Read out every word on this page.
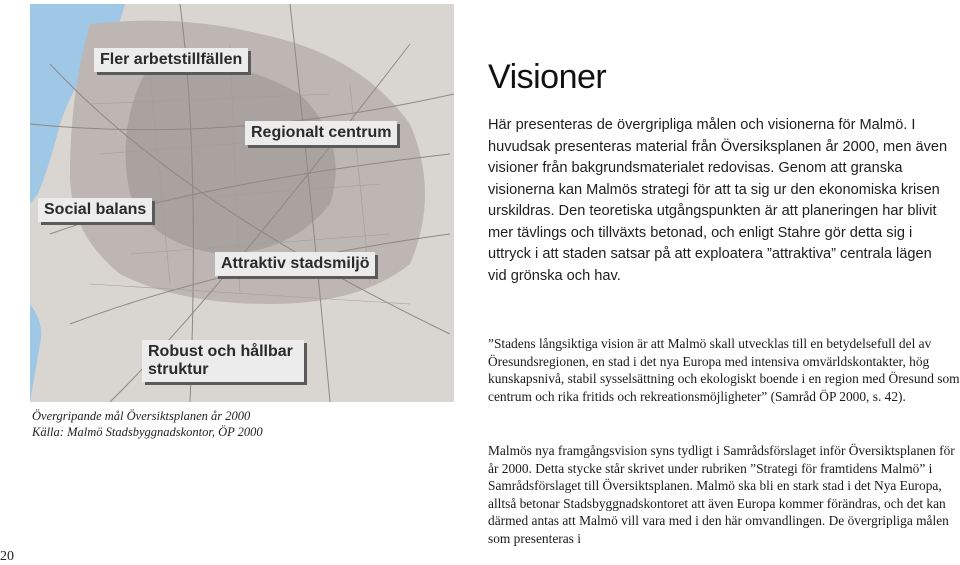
Fler arbetstillfällen
Regionalt centrum
Social balans
Attraktiv stadsmiljö
Robust och hållbar struktur
Övergripande mål Översiktsplanen år 2000
Källa: Malmö Stadsbyggnadskontor, ÖP 2000
20
Visioner

Här presenteras de övergripliga målen och visionerna för Malmö. I huvudsak presenteras material från Översiksplanen år 2000, men även visioner från bakgrundsmaterialet redovisas. Genom att granska visionerna kan Malmös strategi för att ta sig ur den ekonomiska krisen urskildras. Den teoretiska utgångspunkten är att planeringen har blivit mer tävlings och tillväxts betonad, och enligt Stahre gör detta sig i uttryck i att staden satsar på att exploatera ”attraktiva” centrala lägen vid grönska och hav.

”Stadens långsiktiga vision är att Malmö skall utvecklas till en betydelsefull del av Öresundsregionen, en stad i det nya Europa med intensiva omvärldskontakter, hög kunskapsnivå, stabil sysselsättning och ekologiskt boende i en region med Öresund som centrum och rika fritids och rekreationsmöjligheter” (Samråd ÖP 2000, s. 42).

Malmös nya framgångsvision syns tydligt i Samrådsförslaget inför Översiktsplanen för år 2000. Detta stycke står skrivet under rubriken ”Strategi för framtidens Malmö” i Samrådsförslaget till Översiktsplanen. Malmö ska bli en stark stad i det Nya Europa, alltså betonar Stadsbyggnadskontoret att även Europa kommer förändras, och det kan därmed antas att Malmö vill vara med i den här omvandlingen. De övergripliga målen som presenteras i
